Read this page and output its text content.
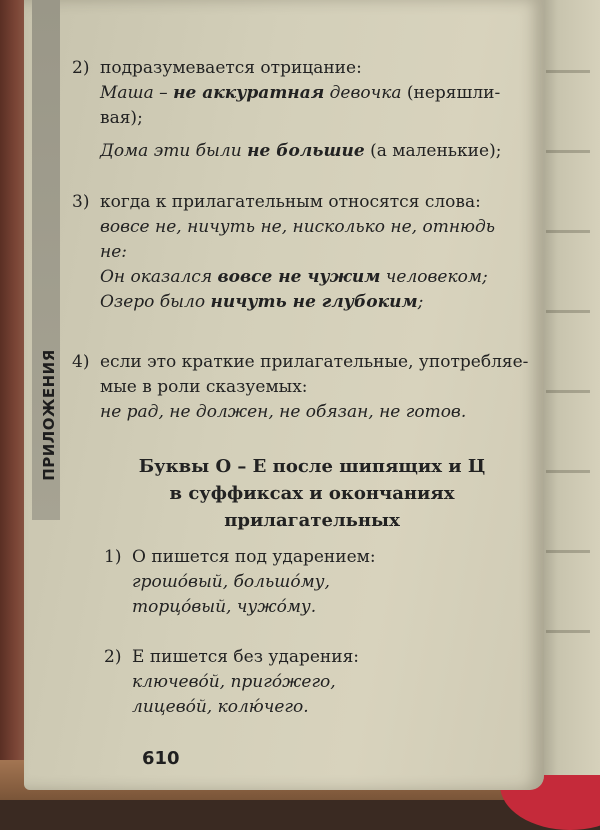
ПРИЛОЖЕНИЯ
2) подразумевается отрицание:
Маша – не аккуратная девочка (неряшли-
вая);
Дома эти были не большие (а маленькие);
3) когда к прилагательным относятся слова:
вовсе не, ничуть не, нисколько не, отнюдь
не:
Он оказался вовсе не чужим человеком;
Озеро было ничуть не глубоким;
4) если это краткие прилагательные, употребляе-
мые в роли сказуемых:
не рад, не должен, не обязан, не готов.
Буквы О – Е после шипящих и Ц
в суффиксах и окончаниях
прилагательных
1) О пишется под ударением:
грошо́вый, большо́му,
торцо́вый, чужо́му.
2) Е пишется без ударения:
ключево́й, приго́жего,
лицево́й, колю́чего.
610
